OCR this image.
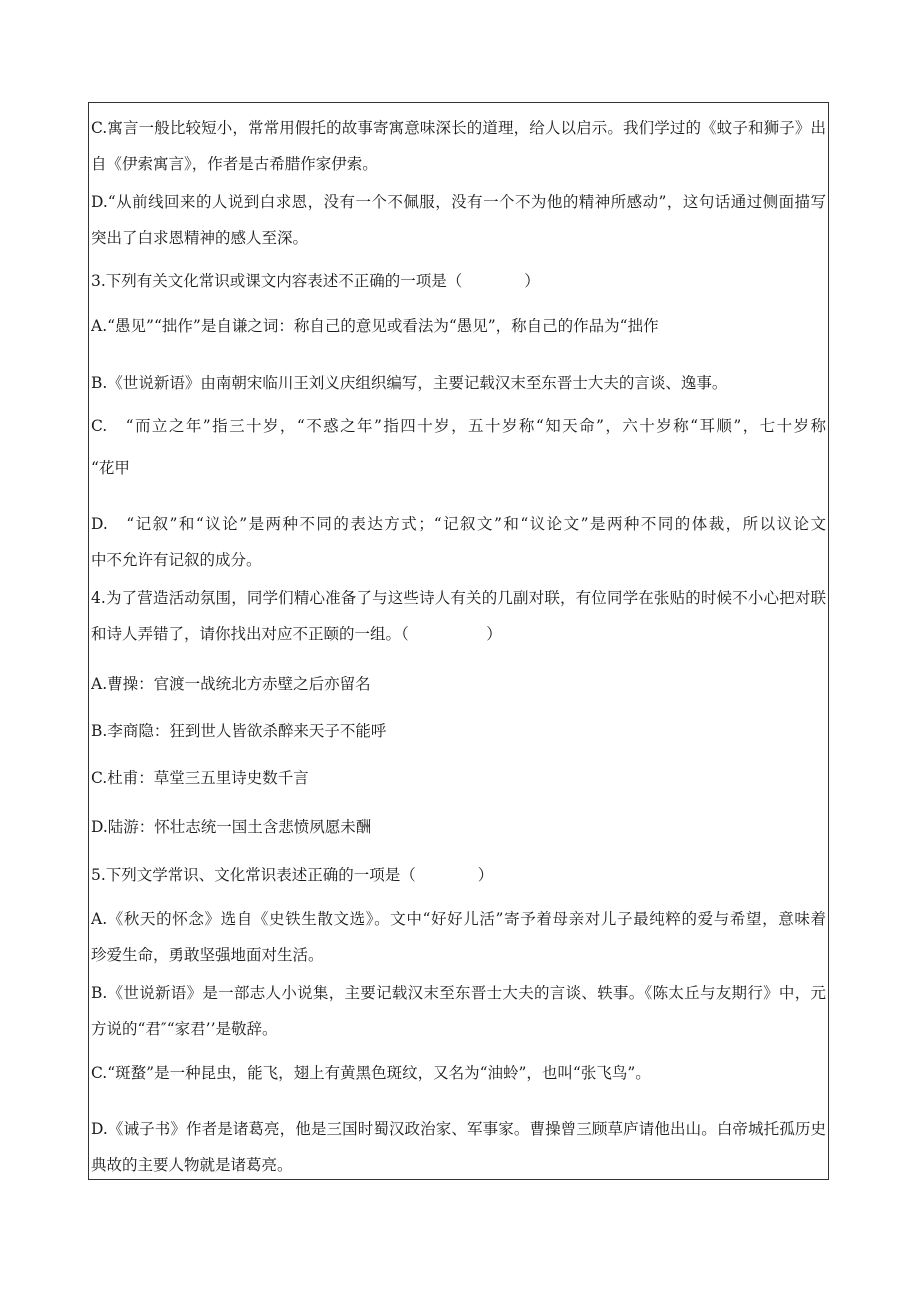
C.寓言一般比较短小，常常用假托的故事寄寓意味深长的道理，给人以启示。我们学过的《蚊子和狮子》出
自《伊索寓言》，作者是古希腊作家伊索。
D.“从前线回来的人说到白求恩，没有一个不佩服，没有一个不为他的精神所感动”，这句话通过侧面描写
突出了白求恩精神的感人至深。
3.下列有关文化常识或课文内容表述不正确的一项是（　　　　）
A.“愚见”“拙作”是自谦之词：称自己的意见或看法为“愚见”，称自己的作品为“拙作
B.《世说新语》由南朝宋临川王刘义庆组织编写，主要记载汉末至东晋士大夫的言谈、逸事。
C.　“而立之年”指三十岁，“不惑之年”指四十岁，五十岁称“知天命”，六十岁称“耳顺”，七十岁称
“花甲
D.　“记叙”和“议论”是两种不同的表达方式；“记叙文”和“议论文”是两种不同的体裁，所以议论文
中不允许有记叙的成分。
4.为了营造活动氛围，同学们精心准备了与这些诗人有关的几副对联，有位同学在张贴的时候不小心把对联
和诗人弄错了，请你找出对应不正颐的一组。（　　　　　）
A.曹操：官渡一战统北方赤壁之后亦留名
B.李商隐：狂到世人皆欲杀醉来天子不能呼
C.杜甫：草堂三五里诗史数千言
D.陆游：怀壮志统一国土含悲愤夙愿未酬
5.下列文学常识、文化常识表述正确的一项是（　　　　）
A.《秋天的怀念》选自《史铁生散文选》。文中“好好儿活”寄予着母亲对儿子最纯粹的爱与希望，意味着
珍爱生命，勇敢坚强地面对生活。
B.《世说新语》是一部志人小说集，主要记载汉末至东晋士大夫的言谈、轶事。《陈太丘与友期行》中，元
方说的“君″“家君’’是敬辞。
C.“斑蝥”是一种昆虫，能飞，翅上有黄黑色斑纹，又名为“油蛉”，也叫“张飞鸟”。
D.《诫子书》作者是诸葛亮，他是三国时蜀汉政治家、军事家。曹操曾三顾草庐请他出山。白帝城托孤历史
典故的主要人物就是诸葛亮。
